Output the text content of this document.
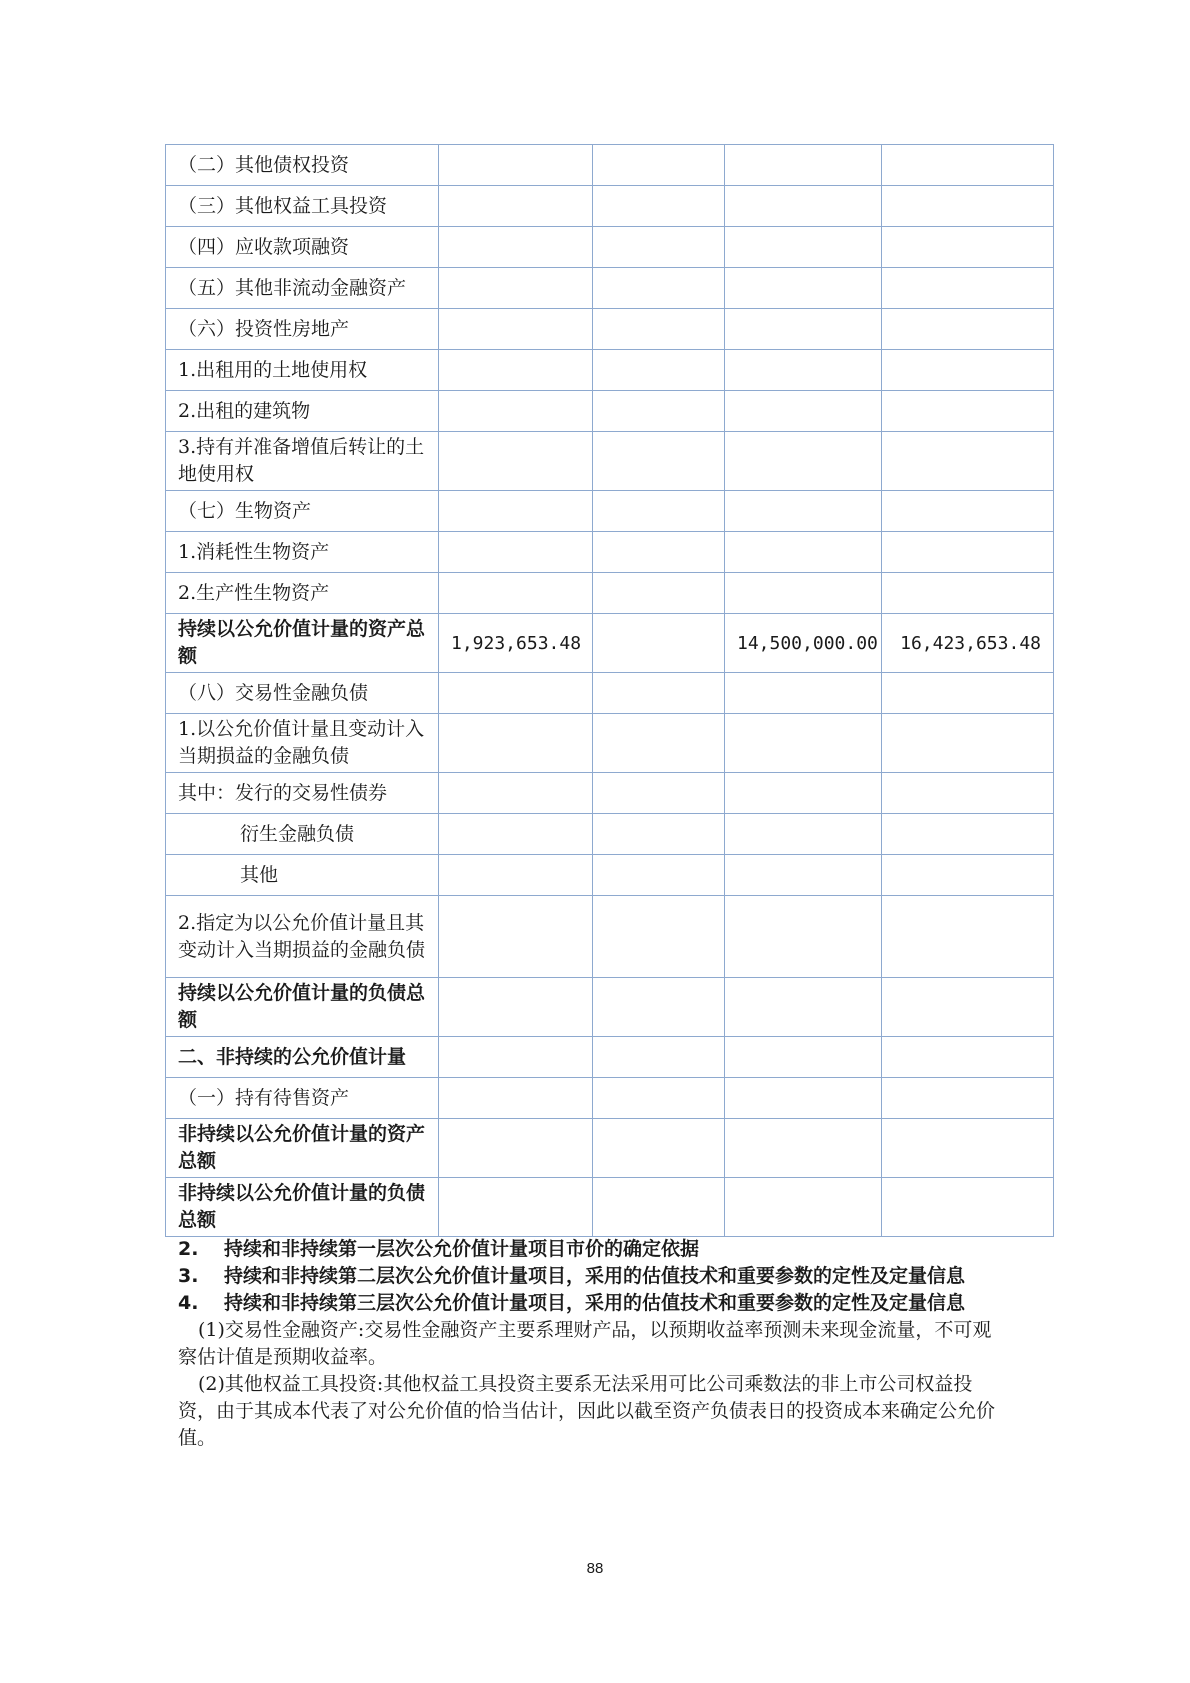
（二）其他债权投资				
（三）其他权益工具投资				
（四）应收款项融资				
（五）其他非流动金融资产				
（六）投资性房地产				
1.出租用的土地使用权				
2.出租的建筑物				
3.持有并准备增值后转让的土地使用权				
（七）生物资产				
1.消耗性生物资产				
2.生产性生物资产				
持续以公允价值计量的资产总额	1,923,653.48		14,500,000.00	16,423,653.48
（八）交易性金融负债				
1.以公允价值计量且变动计入当期损益的金融负债				
其中：发行的交易性债券				
衍生金融负债				
其他				
2.指定为以公允价值计量且其变动计入当期损益的金融负债				
持续以公允价值计量的负债总额				
二、非持续的公允价值计量				
（一）持有待售资产				
非持续以公允价值计量的资产总额				
非持续以公允价值计量的负债总额				
2.	持续和非持续第一层次公允价值计量项目市价的确定依据
3.	持续和非持续第二层次公允价值计量项目，采用的估值技术和重要参数的定性及定量信息
4.	持续和非持续第三层次公允价值计量项目，采用的估值技术和重要参数的定性及定量信息

(1)交易性金融资产:交易性金融资产主要系理财产品，以预期收益率预测未来现金流量，不可观察估计值是预期收益率。

(2)其他权益工具投资:其他权益工具投资主要系无法采用可比公司乘数法的非上市公司权益投资，由于其成本代表了对公允价值的恰当估计，因此以截至资产负债表日的投资成本来确定公允价值。

88
